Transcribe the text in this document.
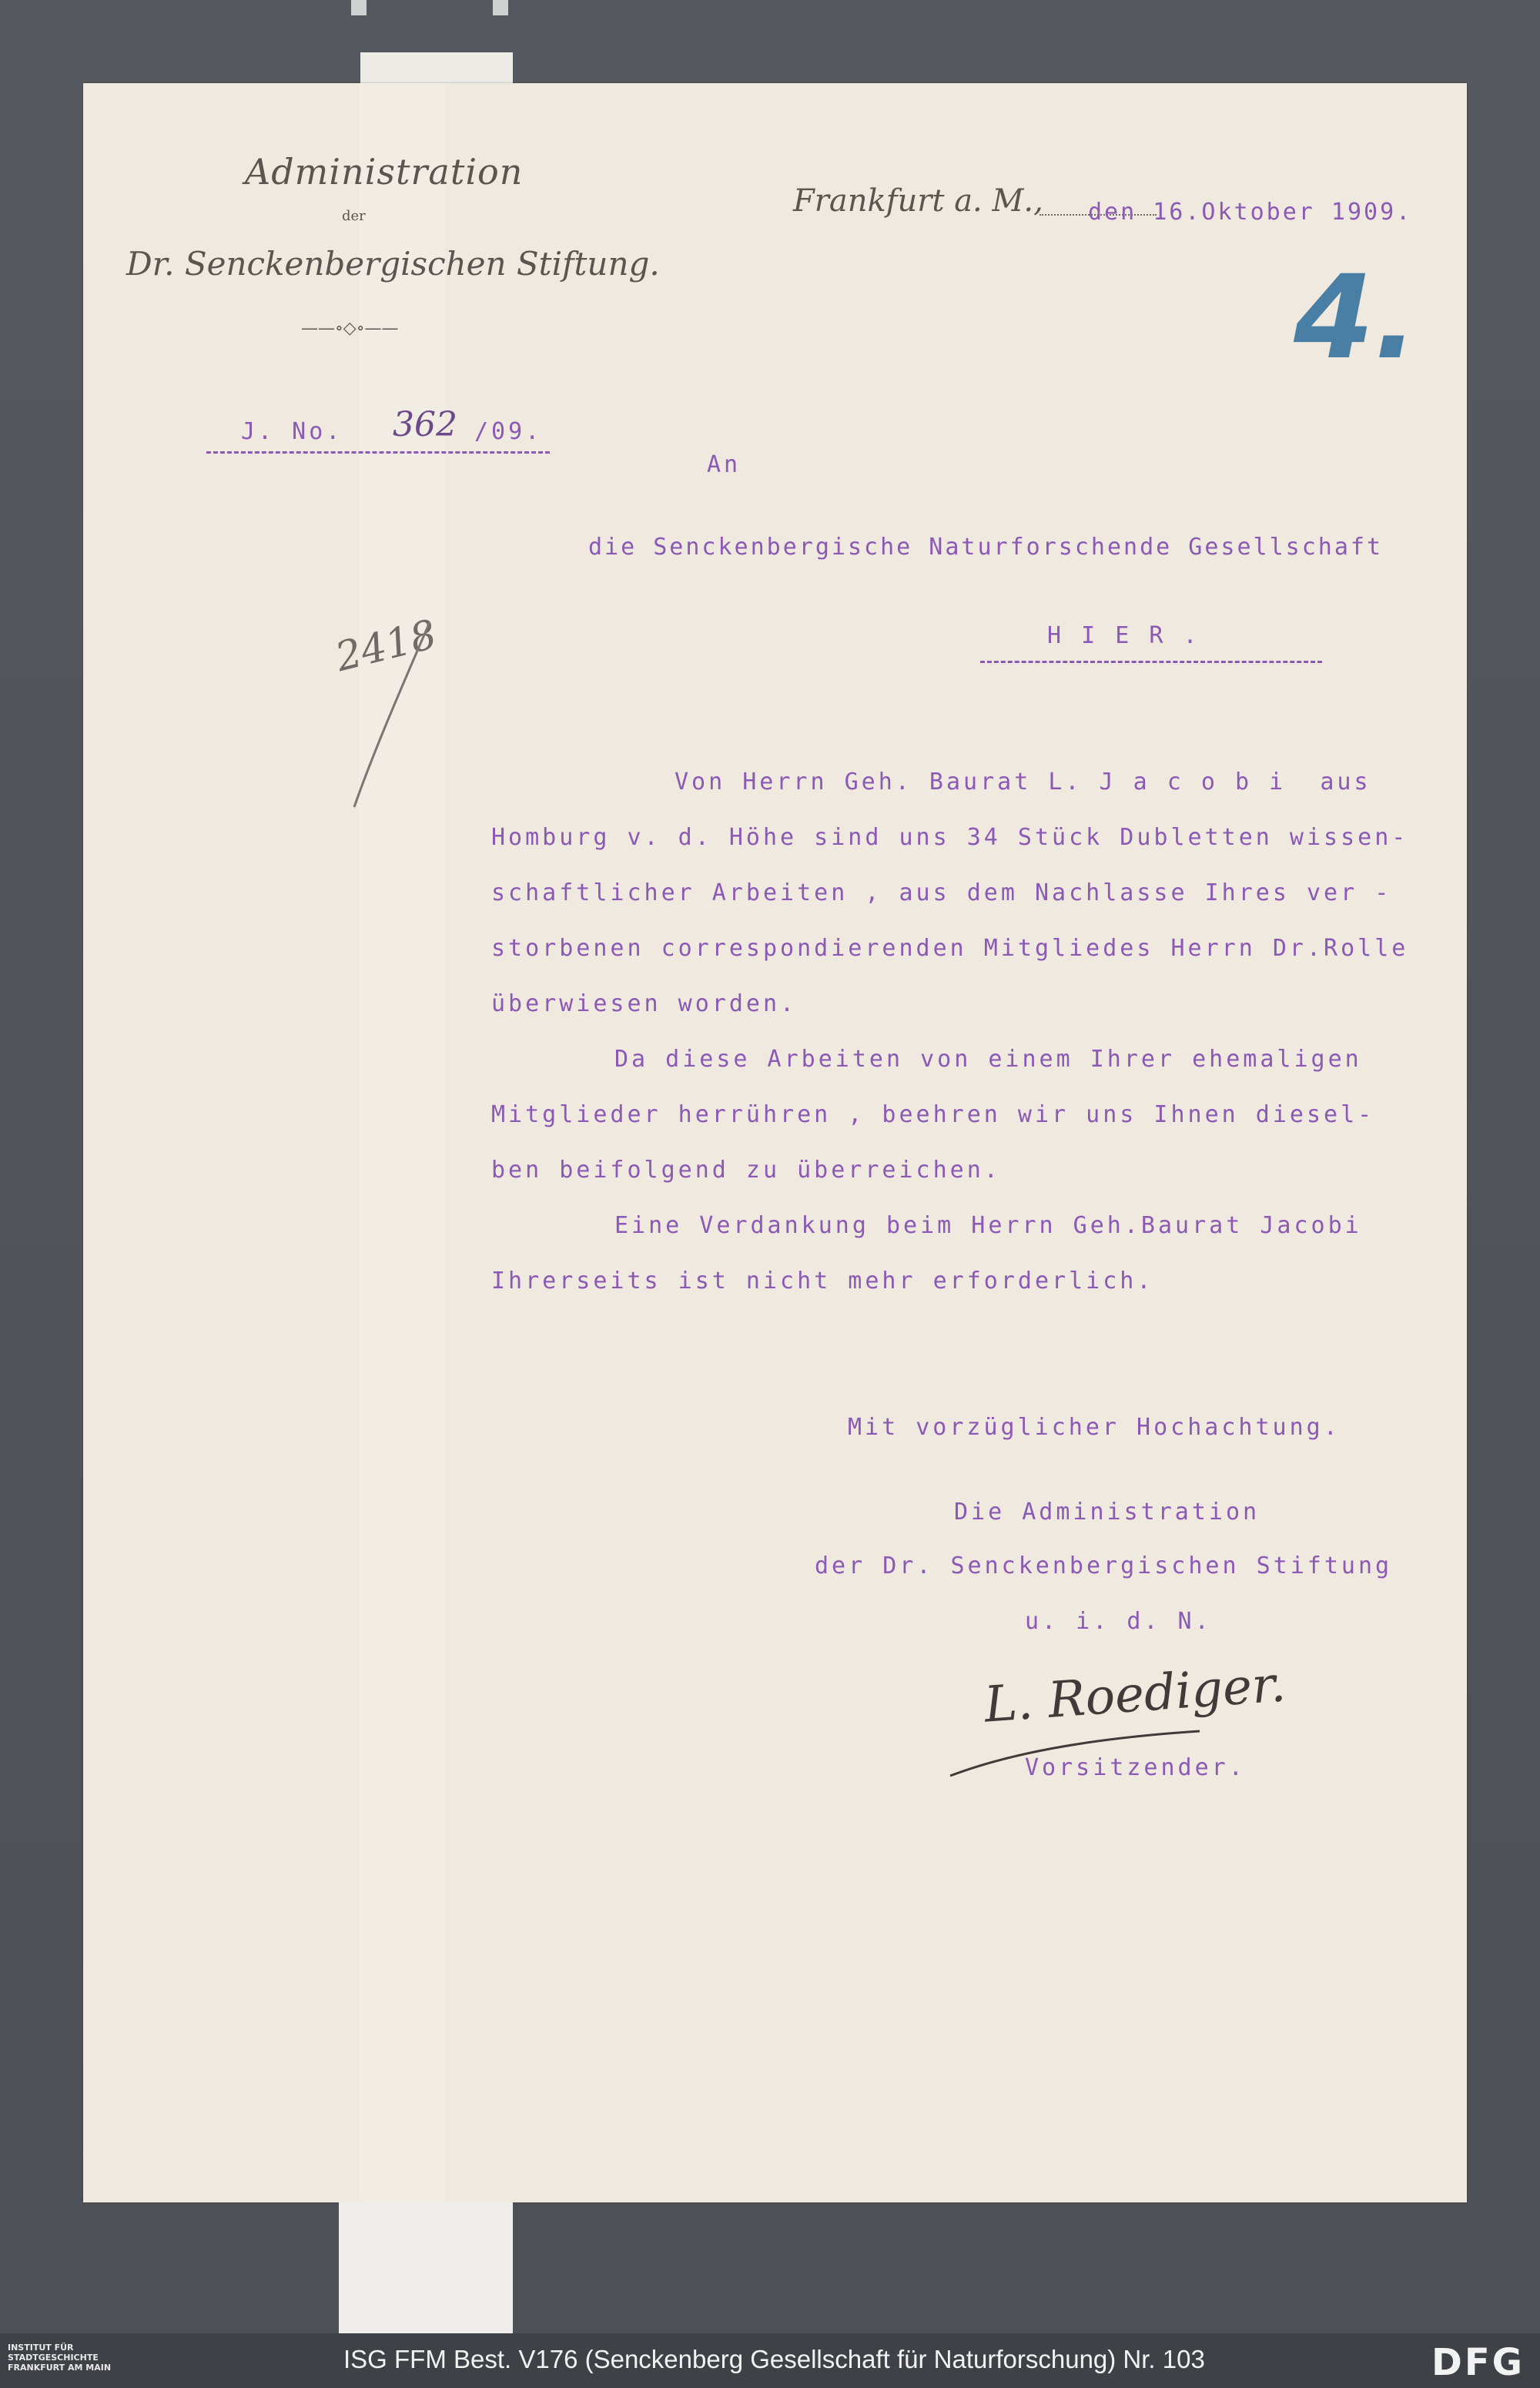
Administration
der
Dr. Senckenbergischen Stiftung.
——∘◇∘——
J. No. 362 /09.
Frankfurt a. M., den 16.Oktober 1909.
4.
2418
An
die Senckenbergische Naturforschende Gesellschaft
H I E R .
Von Herrn Geh. Baurat L. J a c o b i  aus
Homburg v. d. Höhe sind uns 34 Stück Dubletten wissen-
schaftlicher Arbeiten , aus dem Nachlasse Ihres ver -
storbenen correspondierenden Mitgliedes Herrn Dr.Rolle
überwiesen worden.
Da diese Arbeiten von einem Ihrer ehemaligen
Mitglieder herrühren , beehren wir uns Ihnen diesel-
ben beifolgend zu überreichen.
Eine Verdankung beim Herrn Geh.Baurat Jacobi
Ihrerseits ist nicht mehr erforderlich.
Mit vorzüglicher Hochachtung.
Die Administration
der Dr. Senckenbergischen Stiftung
u. i. d. N.
L. Roediger.
Vorsitzender.
INSTITUT FÜR
STADTGESCHICHTE
FRANKFURT AM MAIN	ISG FFM Best. V176 (Senckenberg Gesellschaft für Naturforschung) Nr. 103	DFG
